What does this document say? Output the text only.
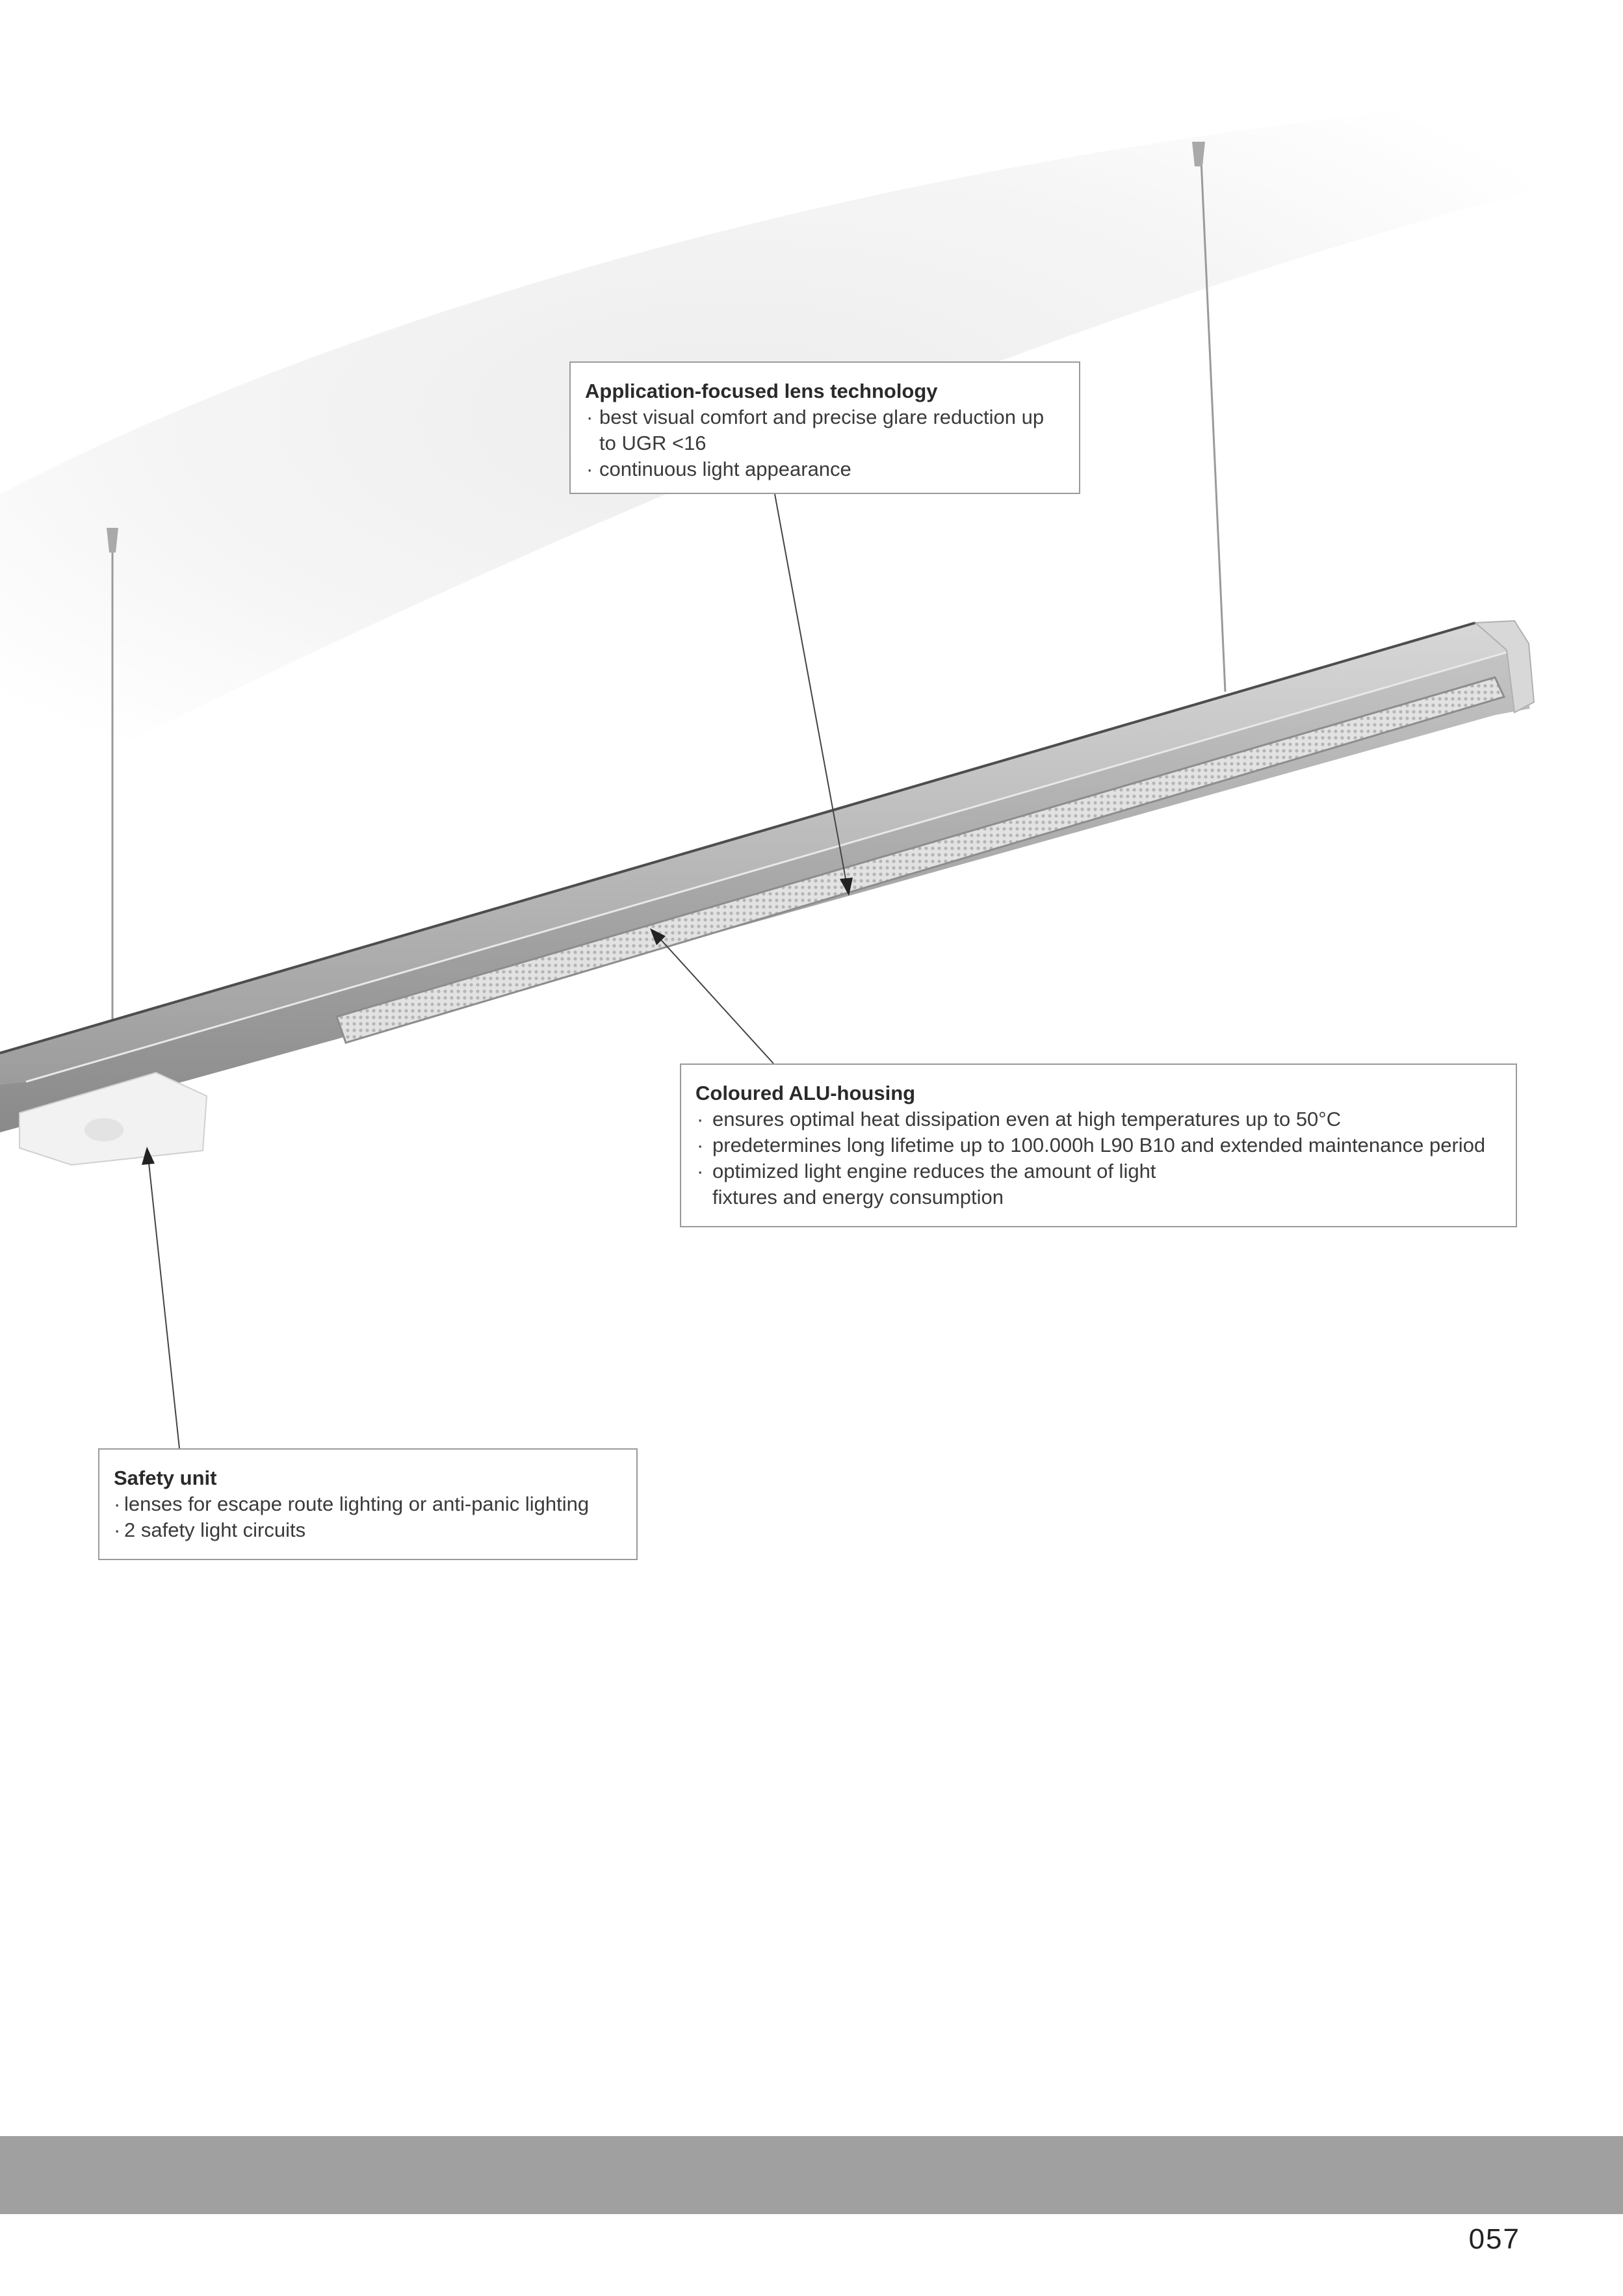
Application-focused lens technology
· best visual comfort and precise glare reduction up to UGR <16
· continuous light appearance
Coloured ALU-housing
· ensures optimal heat dissipation even at high temperatures up to 50°C
· predetermines long lifetime up to 100.000h L90 B10 and extended maintenance period
· optimized light engine reduces the amount of light fixtures and energy consumption
Safety unit
· lenses for escape route lighting or anti-panic lighting
· 2 safety light circuits
057
